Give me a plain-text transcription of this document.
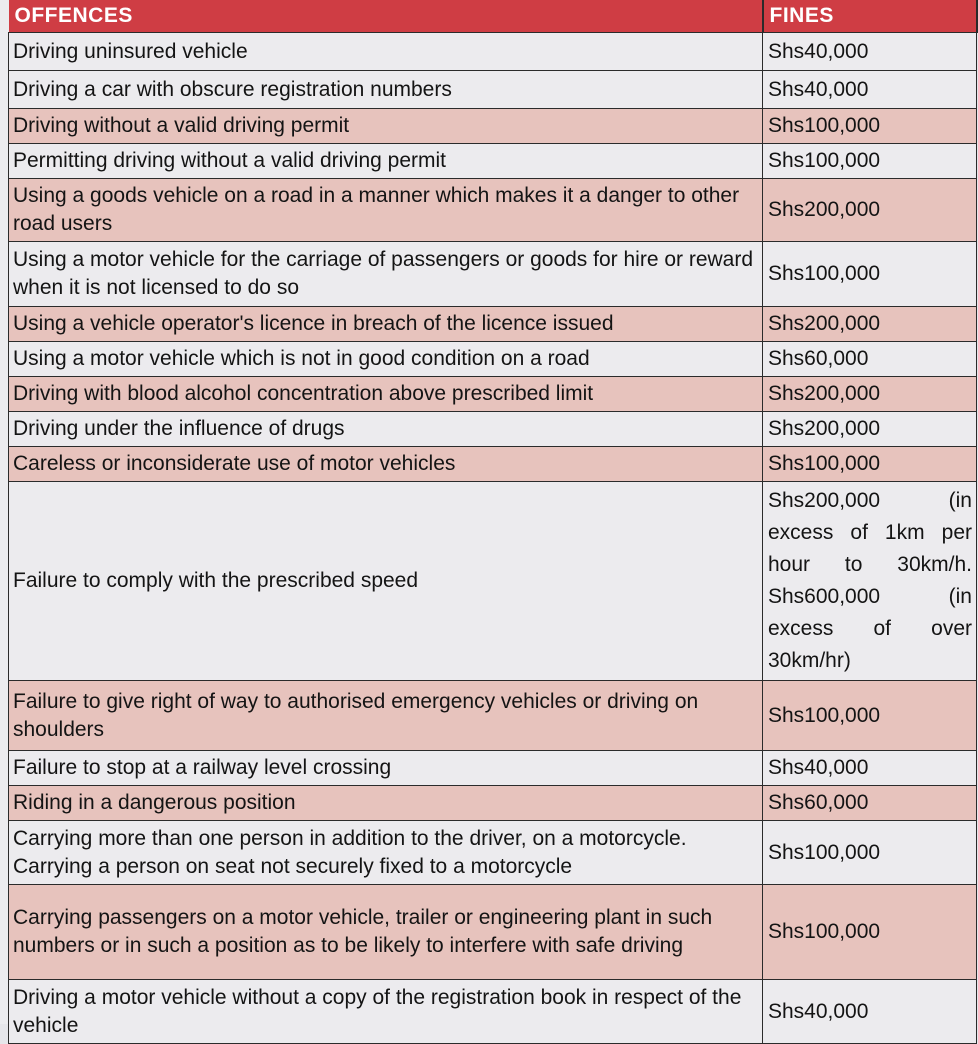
OFFENCES	FINES
Driving uninsured vehicle	Shs40,000
Driving a car with obscure registration numbers	Shs40,000
Driving without a valid driving permit	Shs100,000
Permitting driving without a valid driving permit	Shs100,000
Using a goods vehicle on a road in a manner which makes it a danger to other road users	Shs200,000
Using a motor vehicle for the carriage of passengers or goods for hire or reward when it is not licensed to do so	Shs100,000
Using a vehicle operator's licence in breach of the licence issued	Shs200,000
Using a motor vehicle which is not in good condition on a road	Shs60,000
Driving with blood alcohol concentration above prescribed limit	Shs200,000
Driving under the influence of drugs	Shs200,000
Careless or inconsiderate use of motor vehicles	Shs100,000
Failure to comply with the prescribed speed	Shs200,000 (in excess of 1km per hour to 30km/h. Shs600,000 (in excess of over 30km/hr)
Failure to give right of way to authorised emergency vehicles or driving on shoulders	Shs100,000
Failure to stop at a railway level crossing	Shs40,000
Riding in a dangerous position	Shs60,000
Carrying more than one person in addition to the driver, on a motorcycle. Carrying a person on seat not securely fixed to a motorcycle	Shs100,000
Carrying passengers on a motor vehicle, trailer or engineering plant in such numbers or in such a position as to be likely to interfere with safe driving	Shs100,000
Driving a motor vehicle without a copy of the registration book in respect of the vehicle	Shs40,000
